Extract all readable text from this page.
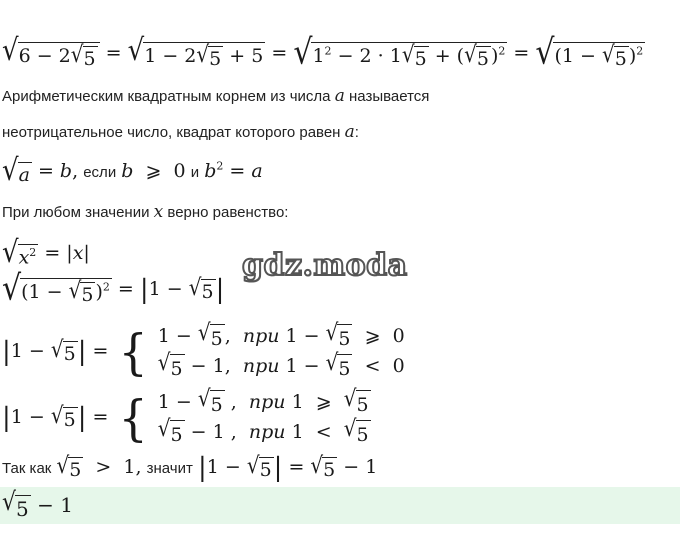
√ 6 − 2 √ 5 = √ 1 − 2 √ 5 + 5 = √ $1^2 - 2 \cdot 1$ √ 5 + ( √ 5 )$^2$ = √ (1 − √ 5 )$^2$
Арифметическим квадратным корнем из числа a называется
неотрицательное число, квадрат которого равен a:
√ a = b, если b  ⩾  0 и $b^2 = a$
При любом значении x верно равенство:
√ $x^2 = |x|$
√ (1 − √ 5 )$^2$ = |1 − √ 5 |
gdz.moda
|1 − √ 5 | = { 1 − √ 5 ,  при 1 − √ 5 ⩾  0
√ 5 − 1,  при 1 − √ 5 <  0
|1 − √ 5 | = { 1 − √ 5 ,  при 1  ⩾ √ 5
√ 5 − 1 ,  при 1  < √ 5
Так как √ 5 >  1, значит |1 − √ 5 | = √ 5 − 1
√ 5 − 1
